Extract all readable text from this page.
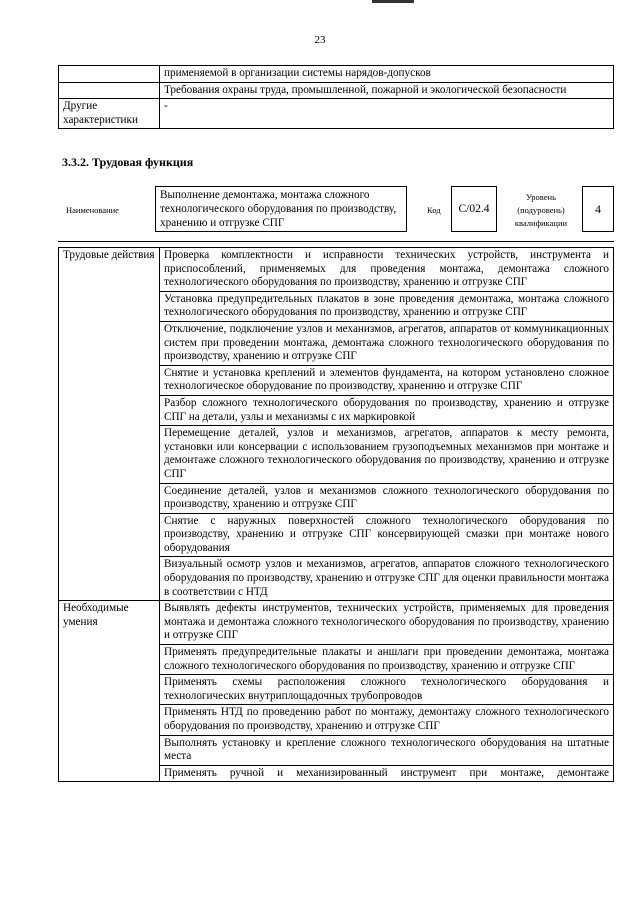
23
	применяемой в организации системы нарядов-допусков
	Требования охраны труда, промышленной, пожарной и экологической безопасности
Другие характеристики	-
3.3.2. Трудовая функция
Наименование
Выполнение демонтажа, монтажа сложного технологического оборудования по производству, хранению и отгрузке СПГ
Код	С/02.4
Уровень (подуровень) квалификации
4
Трудовые действия	Проверка комплектности и исправности технических устройств, инструмента и приспособлений, применяемых для проведения монтажа, демонтажа сложного технологического оборудования по производству, хранению и отгрузке СПГ
	Установка предупредительных плакатов в зоне проведения демонтажа, монтажа сложного технологического оборудования по производству, хранению и отгрузке СПГ
	Отключение, подключение узлов и механизмов, агрегатов, аппаратов от коммуникационных систем при проведении монтажа, демонтажа сложного технологического оборудования по производству, хранению и отгрузке СПГ
	Снятие и установка креплений и элементов фундамента, на котором установлено сложное технологическое оборудование по производству, хранению и отгрузке СПГ
	Разбор сложного технологического оборудования по производству, хранению и отгрузке СПГ на детали, узлы и механизмы с их маркировкой
	Перемещение деталей, узлов и механизмов, агрегатов, аппаратов к месту ремонта, установки или консервации с использованием грузоподъемных механизмов при монтаже и демонтаже сложного технологического оборудования по производству, хранению и отгрузке СПГ
	Соединение деталей, узлов и механизмов сложного технологического оборудования по производству, хранению и отгрузке СПГ
	Снятие с наружных поверхностей сложного технологического оборудования по производству, хранению и отгрузке СПГ консервирующей смазки при монтаже нового оборудования
	Визуальный осмотр узлов и механизмов, агрегатов, аппаратов сложного технологического оборудования по производству, хранению и отгрузке СПГ для оценки правильности монтажа в соответствии с НТД
Необходимые умения	Выявлять дефекты инструментов, технических устройств, применяемых для проведения монтажа и демонтажа сложного технологического оборудования по производству, хранению и отгрузке СПГ
	Применять предупредительные плакаты и аншлаги при проведении демонтажа, монтажа сложного технологического оборудования по производству, хранению и отгрузке СПГ
	Применять схемы расположения сложного технологического оборудования и технологических внутриплощадочных трубопроводов
	Применять НТД по проведению работ по монтажу, демонтажу сложного технологического оборудования по производству, хранению и отгрузке СПГ
	Выполнять установку и крепление сложного технологического оборудования на штатные места
	Применять ручной и механизированный инструмент при монтаже, демонтаже
